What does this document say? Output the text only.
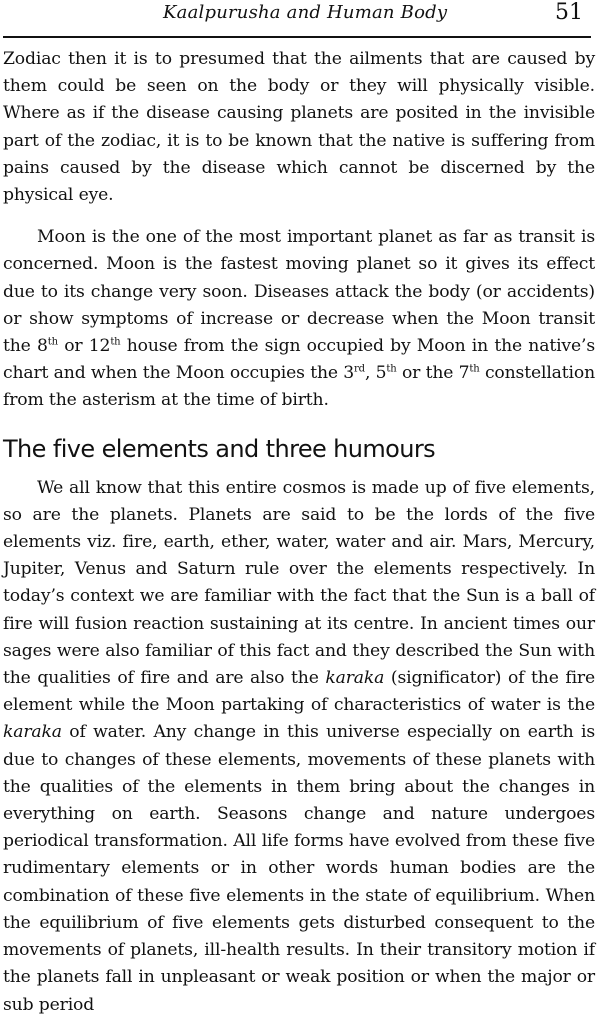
Kaalpurusha and Human Body	51

Zodiac then it is to presumed that the ailments that are caused by them could be seen on the body or they will physically visible. Where as if the disease causing planets are posited in the invisible part of the zodiac, it is to be known that the native is suffering from pains caused by the disease which cannot be discerned by the physical eye.

Moon is the one of the most important planet as far as transit is concerned. Moon is the fastest moving planet so it gives its effect due to its change very soon. Diseases attack the body (or accidents) or show symptoms of increase or decrease when the Moon transit the 8th or 12th house from the sign occupied by Moon in the native’s chart and when the Moon occupies the 3rd, 5th or the 7th constellation from the asterism at the time of birth.

The five elements and three humours

We all know that this entire cosmos is made up of five elements, so are the planets. Planets are said to be the lords of the five elements viz. fire, earth, ether, water, water and air. Mars, Mercury, Jupiter, Venus and Saturn rule over the elements respectively. In today’s context we are familiar with the fact that the Sun is a ball of fire will fusion reaction sustaining at its centre. In ancient times our sages were also familiar of this fact and they described the Sun with the qualities of fire and are also the karaka (significator) of the fire element while the Moon partaking of characteristics of water is the karaka of water. Any change in this universe especially on earth is due to changes of these elements, movements of these planets with the qualities of the elements in them bring about the changes in everything on earth. Seasons change and nature undergoes periodical transformation. All life forms have evolved from these five rudimentary elements or in other words human bodies are the combination of these five elements in the state of equilibrium. When the equilibrium of five elements gets disturbed consequent to the movements of planets, ill-health results. In their transitory motion if the planets fall in unpleasant or weak position or when the major or sub period
